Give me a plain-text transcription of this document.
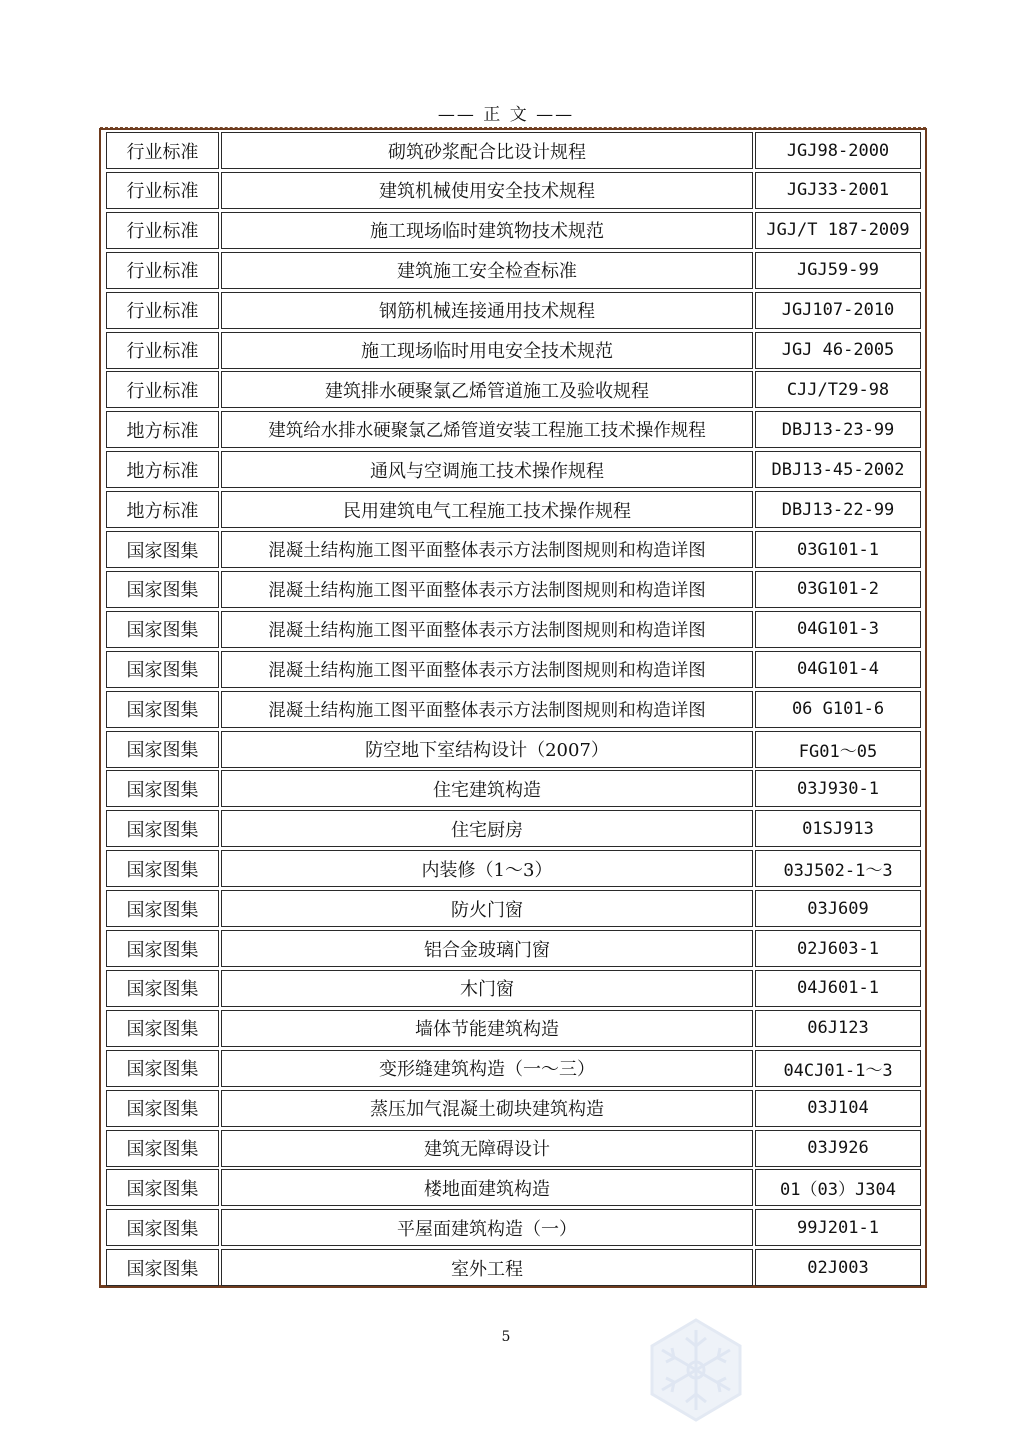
—— 正 文 ——
行业标准	砌筑砂浆配合比设计规程	JGJ98-2000
行业标准	建筑机械使用安全技术规程	JGJ33-2001
行业标准	施工现场临时建筑物技术规范	JGJ/T 187-2009
行业标准	建筑施工安全检查标准	JGJ59-99
行业标准	钢筋机械连接通用技术规程	JGJ107-2010
行业标准	施工现场临时用电安全技术规范	JGJ 46-2005
行业标准	建筑排水硬聚氯乙烯管道施工及验收规程	CJJ/T29-98
地方标准	建筑给水排水硬聚氯乙烯管道安装工程施工技术操作规程	DBJ13-23-99
地方标准	通风与空调施工技术操作规程	DBJ13-45-2002
地方标准	民用建筑电气工程施工技术操作规程	DBJ13-22-99
国家图集	混凝土结构施工图平面整体表示方法制图规则和构造详图	03G101-1
国家图集	混凝土结构施工图平面整体表示方法制图规则和构造详图	03G101-2
国家图集	混凝土结构施工图平面整体表示方法制图规则和构造详图	04G101-3
国家图集	混凝土结构施工图平面整体表示方法制图规则和构造详图	04G101-4
国家图集	混凝土结构施工图平面整体表示方法制图规则和构造详图	06 G101-6
国家图集	防空地下室结构设计（2007）	FG01～05
国家图集	住宅建筑构造	03J930-1
国家图集	住宅厨房	01SJ913
国家图集	内装修（1～3）	03J502-1～3
国家图集	防火门窗	03J609
国家图集	铝合金玻璃门窗	02J603-1
国家图集	木门窗	04J601-1
国家图集	墙体节能建筑构造	06J123
国家图集	变形缝建筑构造（一～三）	04CJ01-1～3
国家图集	蒸压加气混凝土砌块建筑构造	03J104
国家图集	建筑无障碍设计	03J926
国家图集	楼地面建筑构造	01（03）J304
国家图集	平屋面建筑构造（一）	99J201-1
国家图集	室外工程	02J003
5
